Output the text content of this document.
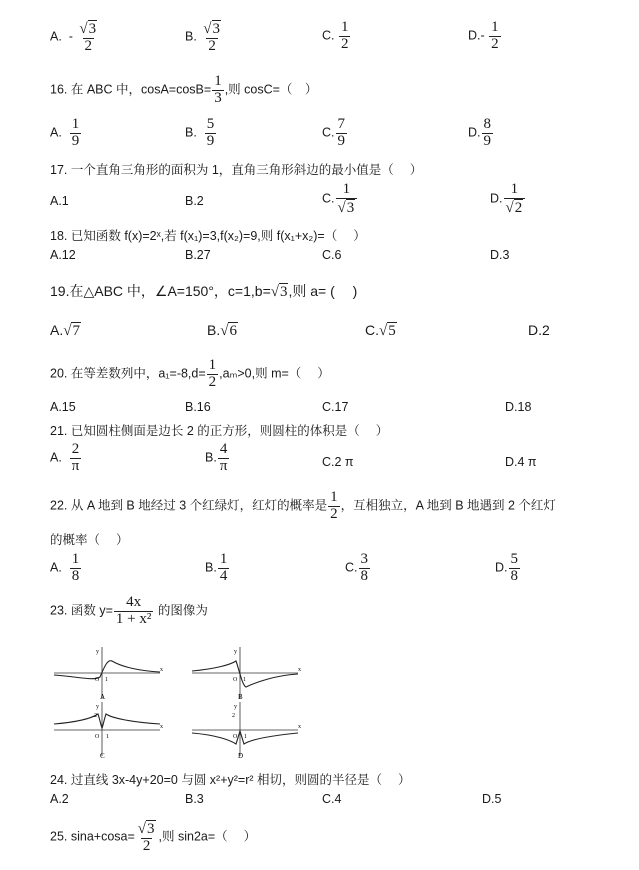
A. - $\frac{√3}{2}$	B. $\frac{√3}{2}$	C. $\frac{1}{2}$	$D.- \frac{1}{2}$
16. 在 ABC 中，$\cos A=\cos B= \frac{1}{3}$ ,则 cosC=（　）
A. $\frac{1}{9}$	B. $\frac{5}{9}$	C. $\frac{7}{9}$	D. $\frac{8}{9}$
17. 一个直角三角形的面积为 1，直角三角形斜边的最小值是（　 ）
A.1	B.2	C. $\frac{1}{√3}$	D. $\frac{1}{√2}$
18. 已知函数 f(x)=2ˣ,若 f(x₁)=3,f(x₂)=9,则 f(x₁+x₂)=（　 ）
A.12	B.27	C.6	D.3
19.在△ABC 中，∠A=150°，c=1,b=√3,则 a= (　 )
A.√7	B.√6	C.√5	D.2
20. 在等差数列中，$a_1=-8,d= \frac{1}{2} ,a_m>0$,则 m=（　 ）
A.15	B.16	C.17	D.18
21. 已知圆柱侧面是边长 2 的正方形，则圆柱的体积是（　 ）
A. $\frac{2}{\pi}$	B. $\frac{4}{\pi}$	C.2 π	D.4 π
22. 从 A 地到 B 地经过 3 个红绿灯，红灯的概率是 $\frac{1}{2}$ ，互相独立，A 地到 B 地遇到 2 个红灯
的概率（　 ）
A. $\frac{1}{8}$	B. $\frac{1}{4}$	C. $\frac{3}{8}$	D. $\frac{5}{8}$
23. 函数 $y= \frac{4x}{\text{1 + x²}}$ 的图像为
y
x
O 1
A
y
x
O 1
B
y
2
x
O 1
C
y
2
x
O 1
D
24. 过直线 3x-4y+20=0 与圆 x²+y²=r² 相切，则圆的半径是（　 ）
A.2	B.3	C.4	D.5
25. $\sin a+\cos a= \frac{√3}{2}$ ,则 sin2a=（　 ）
